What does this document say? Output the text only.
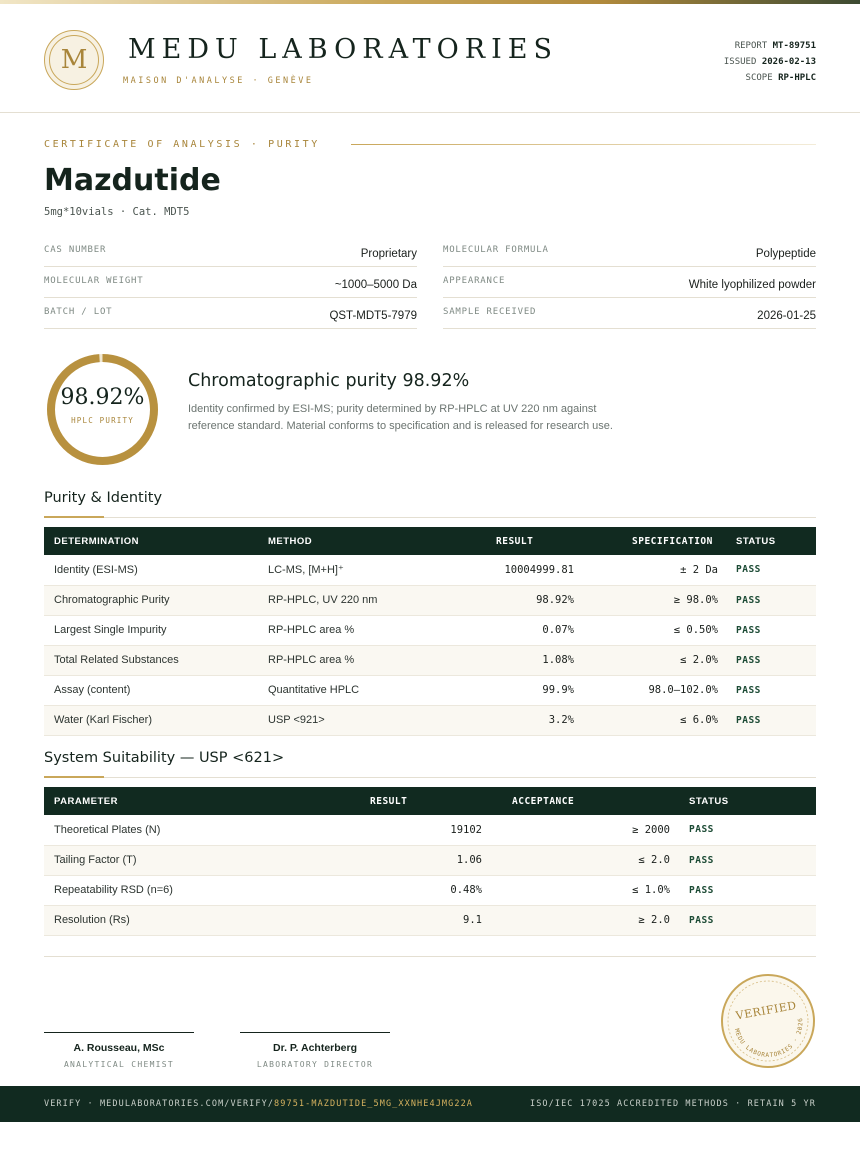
M	MEDU LABORATORIES
MAISON D'ANALYSE · GENÈVE
REPORT MT-89751
ISSUED 2026-02-13
SCOPE RP-HPLC
CERTIFICATE OF ANALYSIS · PURITY
Mazdutide
5mg*10vials · Cat. MDT5
CAS NUMBER	Proprietary	MOLECULAR FORMULA	Polypeptide
MOLECULAR WEIGHT	~1000–5000 Da	APPEARANCE	White lyophilized powder
BATCH / LOT	QST-MDT5-7979	SAMPLE RECEIVED	2026-01-25
98.92%
HPLC PURITY
Chromatographic purity 98.92%
Identity confirmed by ESI-MS; purity determined by RP-HPLC at UV 220 nm against reference standard. Material conforms to specification and is released for research use.
Purity & Identity
DETERMINATION	METHOD	RESULT	SPECIFICATION	STATUS
Identity (ESI-MS)	LC-MS, [M+H]⁺	10004999.81	± 2 Da	PASS
Chromatographic Purity	RP-HPLC, UV 220 nm	98.92%	≥ 98.0%	PASS
Largest Single Impurity	RP-HPLC area %	0.07%	≤ 0.50%	PASS
Total Related Substances	RP-HPLC area %	1.08%	≤ 2.0%	PASS
Assay (content)	Quantitative HPLC	99.9%	98.0–102.0%	PASS
Water (Karl Fischer)	USP <921>	3.2%	≤ 6.0%	PASS
System Suitability — USP <621>
PARAMETER	RESULT	ACCEPTANCE	STATUS
Theoretical Plates (N)	19102	≥ 2000	PASS
Tailing Factor (T)	1.06	≤ 2.0	PASS
Repeatability RSD (n=6)	0.48%	≤ 1.0%	PASS
Resolution (Rs)	9.1	≥ 2.0	PASS
A. Rousseau, MSc
ANALYTICAL CHEMIST
Dr. P. Achterberg
LABORATORY DIRECTOR
VERIFIED
MEDU LABORATORIES · 2026
VERIFY · MEDULABORATORIES.COM/VERIFY/89751-MAZDUTIDE_5MG_XXNHE4JMG22A	ISO/IEC 17025 ACCREDITED METHODS · RETAIN 5 YR
